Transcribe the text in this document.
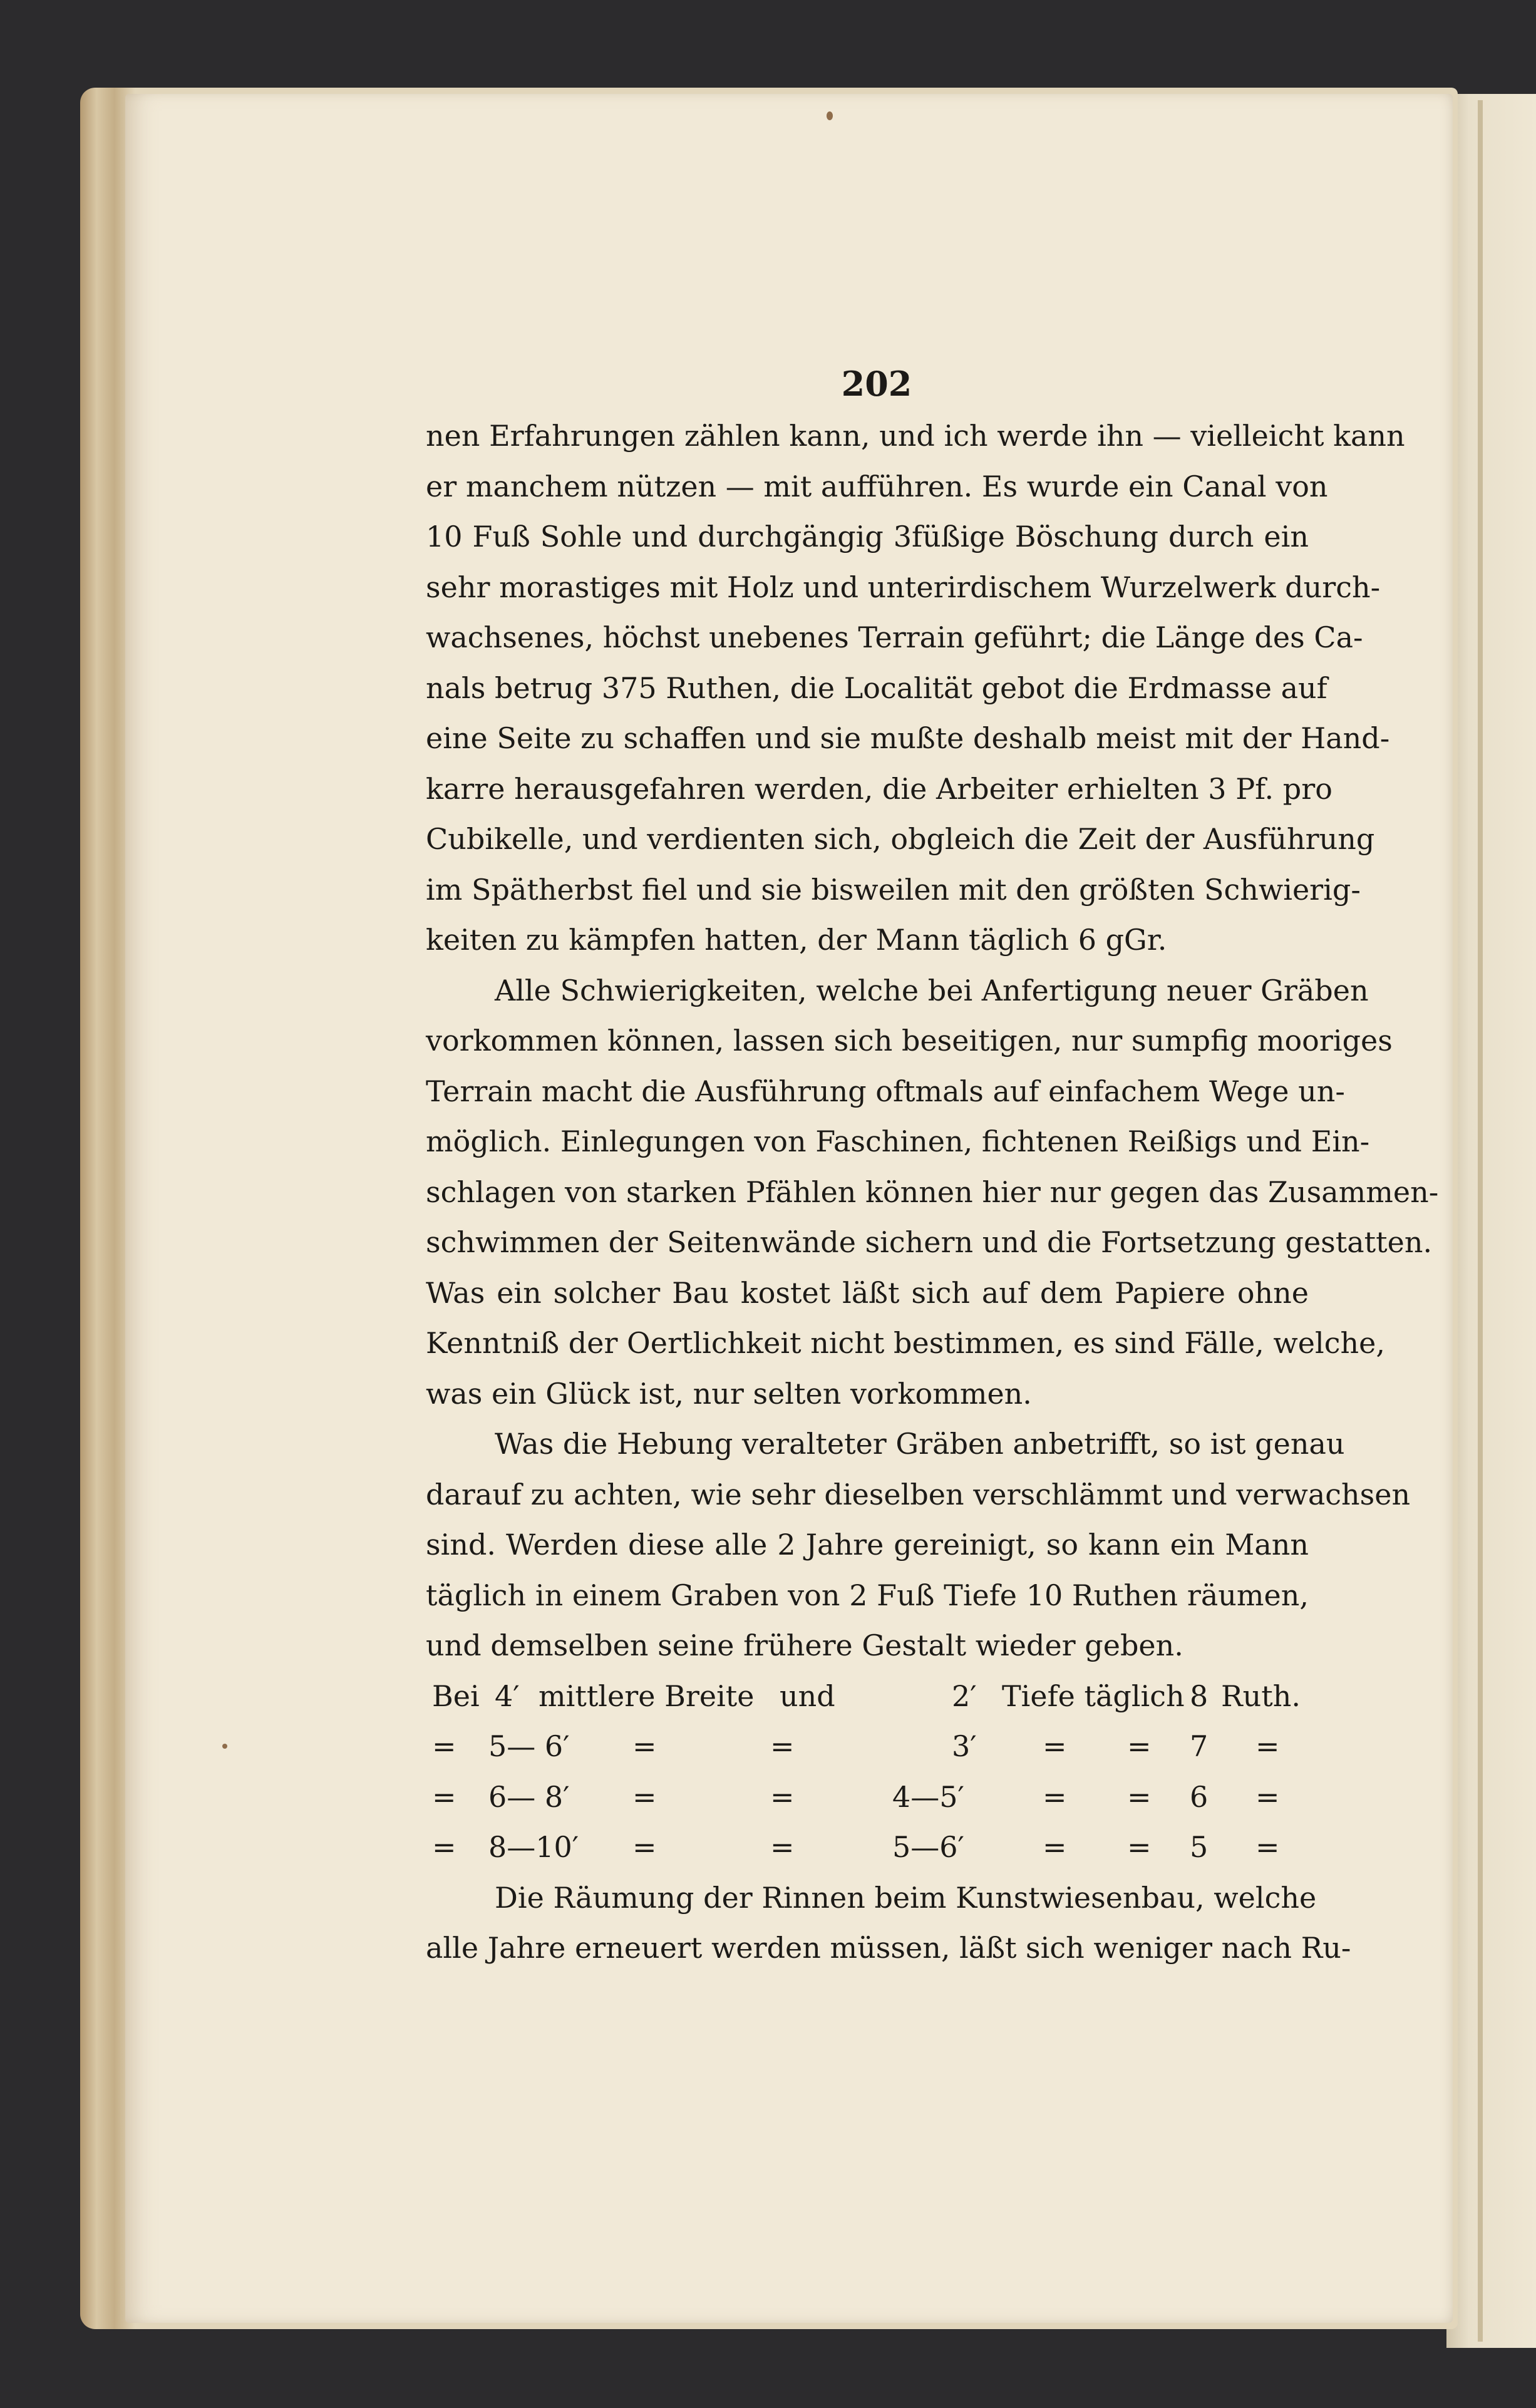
202
nen Erfahrungen zählen kann, und ich werde ihn — vielleicht kann
er manchem nützen — mit aufführen. Es wurde ein Canal von
10 Fuß Sohle und durchgängig 3füßige Böschung durch ein
sehr morastiges mit Holz und unterirdischem Wurzelwerk durch-
wachsenes, höchst unebenes Terrain geführt; die Länge des Ca-
nals betrug 375 Ruthen, die Localität gebot die Erdmasse auf
eine Seite zu schaffen und sie mußte deshalb meist mit der Hand-
karre herausgefahren werden, die Arbeiter erhielten 3 Pf. pro
Cubikelle, und verdienten sich, obgleich die Zeit der Ausführung
im Spätherbst fiel und sie bisweilen mit den größten Schwierig-
keiten zu kämpfen hatten, der Mann täglich 6 gGr.
Alle Schwierigkeiten, welche bei Anfertigung neuer Gräben
vorkommen können, lassen sich beseitigen, nur sumpfig mooriges
Terrain macht die Ausführung oftmals auf einfachem Wege un-
möglich. Einlegungen von Faschinen, fichtenen Reißigs und Ein-
schlagen von starken Pfählen können hier nur gegen das Zusammen-
schwimmen der Seitenwände sichern und die Fortsetzung gestatten.
Was ein solcher Bau kostet läßt sich auf dem Papiere ohne
Kenntniß der Oertlichkeit nicht bestimmen, es sind Fälle, welche,
was ein Glück ist, nur selten vorkommen.
Was die Hebung veralteter Gräben anbetrifft, so ist genau
darauf zu achten, wie sehr dieselben verschlämmt und verwachsen
sind. Werden diese alle 2 Jahre gereinigt, so kann ein Mann
täglich in einem Graben von 2 Fuß Tiefe 10 Ruthen räumen,
und demselben seine frühere Gestalt wieder geben.
Bei 4′ mittlere Breite und	2′ Tiefe täglich 8 Ruth.
= 5— 6′ =	=	3′ = = 7 =
= 6— 8′ =	=	4—5′	= = 6 =
= 8—10′ =	=	5—6′	= = 5 =
Die Räumung der Rinnen beim Kunstwiesenbau, welche
alle Jahre erneuert werden müssen, läßt sich weniger nach Ru-
